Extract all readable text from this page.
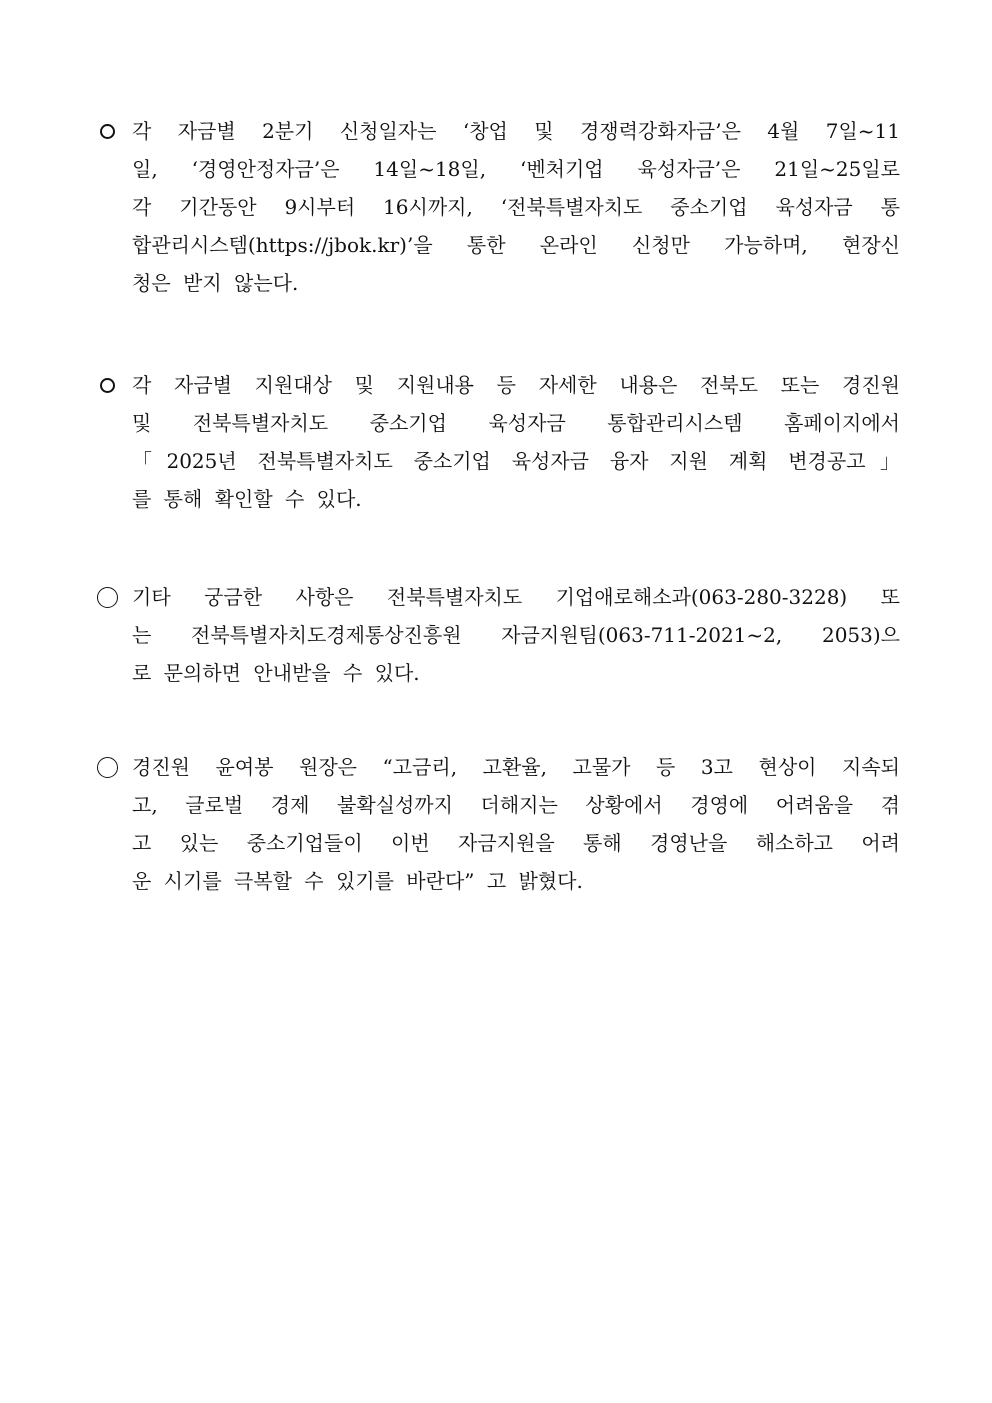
각 자금별 2분기 신청일자는 ‘창업 및 경쟁력강화자금’은 4월 7일~11
일, ‘경영안정자금’은 14일~18일, ‘벤처기업 육성자금’은 21일~25일로
각 기간동안 9시부터 16시까지, ‘전북특별자치도 중소기업 육성자금 통
합관리시스템(https://jbok.kr)’을 통한 온라인 신청만 가능하며, 현장신
청은 받지 않는다.
각 자금별 지원대상 및 지원내용 등 자세한 내용은 전북도 또는 경진원
및 전북특별자치도 중소기업 육성자금 통합관리시스템 홈페이지에서
「2025년 전북특별자치도 중소기업 육성자금 융자 지원 계획 변경공고」
를 통해 확인할 수 있다.
기타 궁금한 사항은 전북특별자치도 기업애로해소과(063-280-3228) 또
는 전북특별자치도경제통상진흥원 자금지원팀(063-711-2021~2, 2053)으
로 문의하면 안내받을 수 있다.
경진원 윤여봉 원장은 “고금리, 고환율, 고물가 등 3고 현상이 지속되
고, 글로벌 경제 불확실성까지 더해지는 상황에서 경영에 어려움을 겪
고 있는 중소기업들이 이번 자금지원을 통해 경영난을 해소하고 어려
운 시기를 극복할 수 있기를 바란다” 고 밝혔다.
